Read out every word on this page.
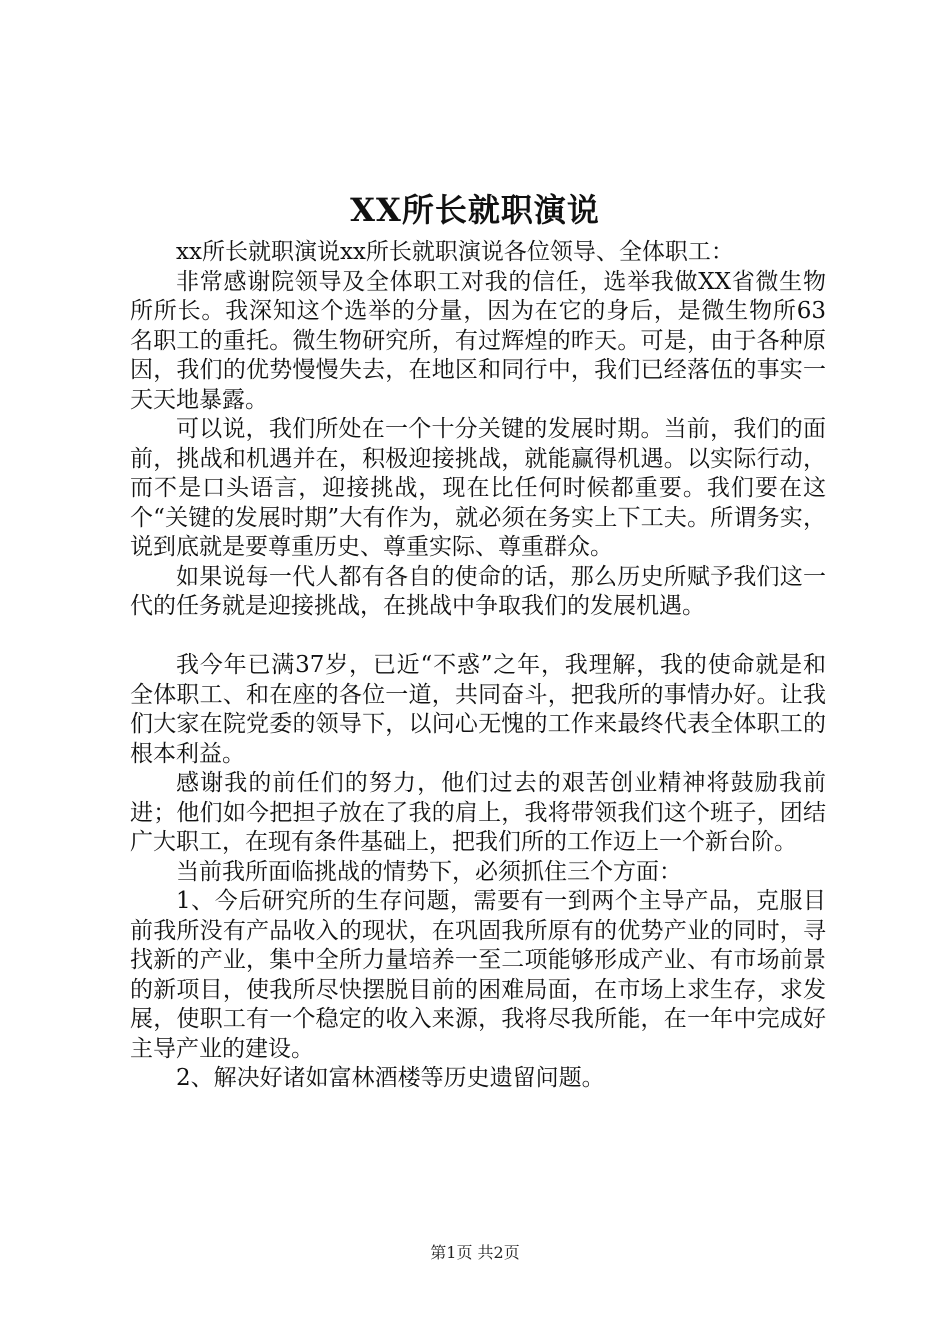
XX所长就职演说

xx所长就职演说xx所长就职演说各位领导、全体职工：

非常感谢院领导及全体职工对我的信任，选举我做XX省微生物所所长。我深知这个选举的分量，因为在它的身后，是微生物所63名职工的重托。微生物研究所，有过辉煌的昨天。可是，由于各种原因，我们的优势慢慢失去，在地区和同行中，我们已经落伍的事实一天天地暴露。

可以说，我们所处在一个十分关键的发展时期。当前，我们的面前，挑战和机遇并在，积极迎接挑战，就能赢得机遇。以实际行动，而不是口头语言，迎接挑战，现在比任何时候都重要。我们要在这个“关键的发展时期”大有作为，就必须在务实上下工夫。所谓务实，说到底就是要尊重历史、尊重实际、尊重群众。

如果说每一代人都有各自的使命的话，那么历史所赋予我们这一代的任务就是迎接挑战，在挑战中争取我们的发展机遇。

我今年已满37岁，已近“不惑”之年，我理解，我的使命就是和全体职工、和在座的各位一道，共同奋斗，把我所的事情办好。让我们大家在院党委的领导下，以问心无愧的工作来最终代表全体职工的根本利益。

感谢我的前任们的努力，他们过去的艰苦创业精神将鼓励我前进；他们如今把担子放在了我的肩上，我将带领我们这个班子，团结广大职工，在现有条件基础上，把我们所的工作迈上一个新台阶。

当前我所面临挑战的情势下，必须抓住三个方面：

1、今后研究所的生存问题，需要有一到两个主导产品，克服目前我所没有产品收入的现状，在巩固我所原有的优势产业的同时，寻找新的产业，集中全所力量培养一至二项能够形成产业、有市场前景的新项目，使我所尽快摆脱目前的困难局面，在市场上求生存，求发展，使职工有一个稳定的收入来源，我将尽我所能，在一年中完成好主导产业的建设。

2、解决好诸如富林酒楼等历史遗留问题。

第1页 共2页
